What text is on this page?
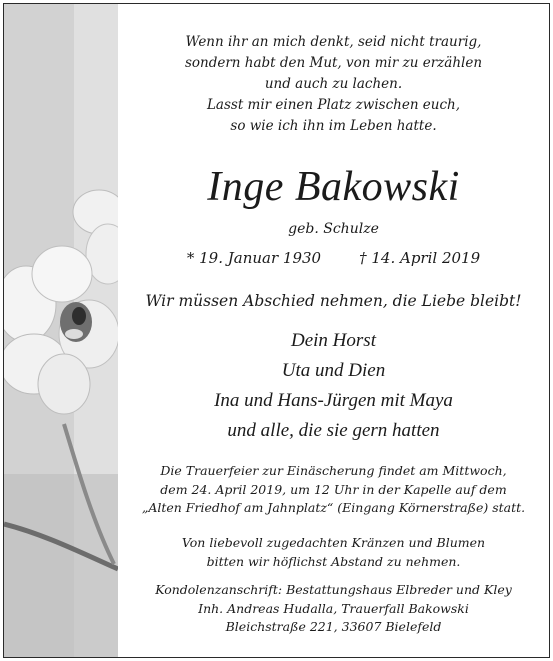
Wenn ihr an mich denkt, seid nicht traurig,
sondern habt den Mut, von mir zu erzählen
und auch zu lachen.
Lasst mir einen Platz zwischen euch,
so wie ich ihn im Leben hatte.
Inge Bakowski
geb. Schulze
* 19. Januar 1930	† 14. April 2019
Wir müssen Abschied nehmen, die Liebe bleibt!
Dein Horst
Uta und Dien
Ina und Hans-Jürgen mit Maya
und alle, die sie gern hatten
Die Trauerfeier zur Einäscherung findet am Mittwoch,
dem 24. April 2019, um 12 Uhr in der Kapelle auf dem
„Alten Friedhof am Jahnplatz“ (Eingang Körnerstraße) statt.
Von liebevoll zugedachten Kränzen und Blumen
bitten wir höflichst Abstand zu nehmen.
Kondolenzanschrift: Bestattungshaus Elbreder und Kley
Inh. Andreas Hudalla, Trauerfall Bakowski
Bleichstraße 221, 33607 Bielefeld
